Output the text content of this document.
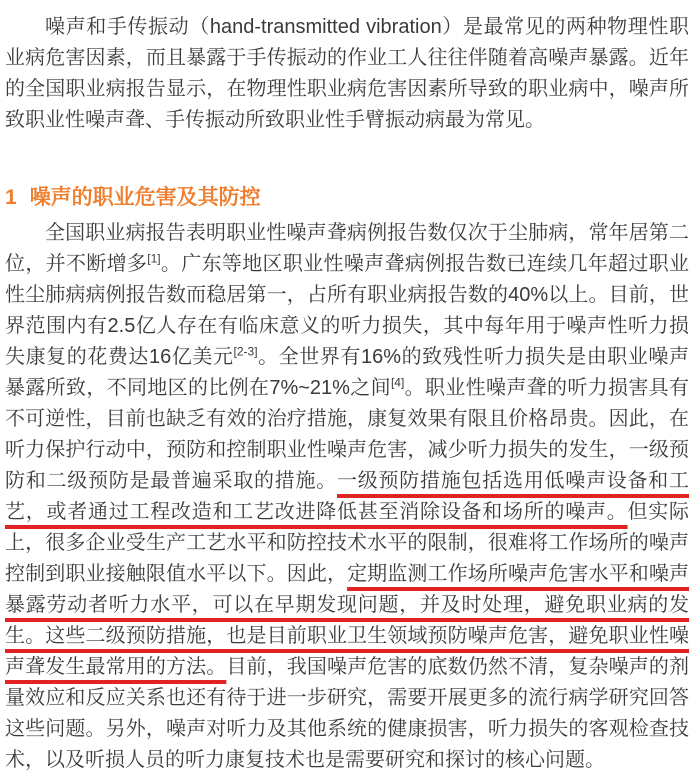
噪声和手传振动（hand-transmitted vibration）是最常见的两种物理性职业病危害因素，而且暴露于手传振动的作业工人往往伴随着高噪声暴露。近年的全国职业病报告显示，在物理性职业病危害因素所导致的职业病中，噪声所致职业性噪声聋、手传振动所致职业性手臂振动病最为常见。

1 噪声的职业危害及其防控

全国职业病报告表明职业性噪声聋病例报告数仅次于尘肺病，常年居第二位，并不断增多[1]。广东等地区职业性噪声聋病例报告数已连续几年超过职业性尘肺病病例报告数而稳居第一，占所有职业病报告数的40%以上。目前，世界范围内有2.5亿人存在有临床意义的听力损失，其中每年用于噪声性听力损失康复的花费达16亿美元[2-3]。全世界有16%的致残性听力损失是由职业噪声暴露所致，不同地区的比例在7%~21%之间[4]。职业性噪声聋的听力损害具有不可逆性，目前也缺乏有效的治疗措施，康复效果有限且价格昂贵。因此，在听力保护行动中，预防和控制职业性噪声危害，减少听力损失的发生，一级预防和二级预防是最普遍采取的措施。一级预防措施包括选用低噪声设备和工艺，或者通过工程改造和工艺改进降低甚至消除设备和场所的噪声。但实际上，很多企业受生产工艺水平和防控技术水平的限制，很难将工作场所的噪声控制到职业接触限值水平以下。因此，定期监测工作场所噪声危害水平和噪声暴露劳动者听力水平，可以在早期发现问题，并及时处理，避免职业病的发生。这些二级预防措施，也是目前职业卫生领域预防噪声危害，避免职业性噪声聋发生最常用的方法。目前，我国噪声危害的底数仍然不清，复杂噪声的剂量效应和反应关系也还有待于进一步研究，需要开展更多的流行病学研究回答这些问题。另外，噪声对听力及其他系统的健康损害，听力损失的客观检查技术，以及听损人员的听力康复技术也是需要研究和探讨的核心问题。
